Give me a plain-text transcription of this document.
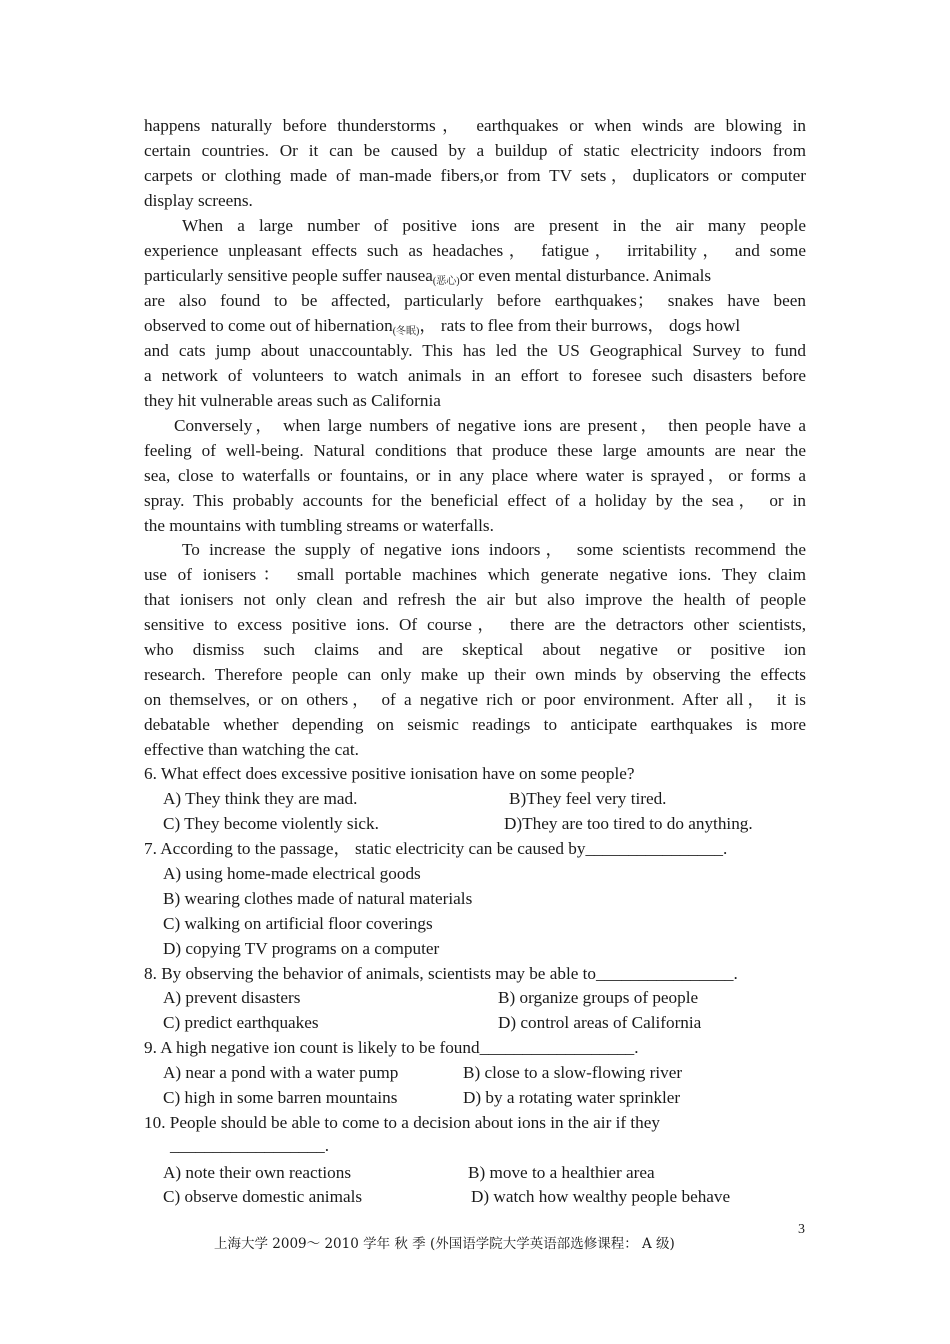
happens naturally before thunderstorms， earthquakes or when winds are blowing in
certain countries. Or it can be caused by a buildup of static electricity indoors from
carpets or clothing made of man-made fibers,or from TV sets，duplicators or computer
display screens.
When a large number of positive ions are present in the air many people
experience unpleasant effects such as headaches， fatigue， irritability， and some
particularly sensitive people suffer nausea(恶心)or even mental disturbance. Animals
are also found to be affected, particularly before earthquakes； snakes have been
observed to come out of hibernation(冬眠)， rats to flee from their burrows， dogs howl
and cats jump about unaccountably. This has led the US Geographical Survey to fund
a network of volunteers to watch animals in an effort to foresee such disasters before
they hit vulnerable areas such as California
Conversely， when large numbers of negative ions are present， then people have a
feeling of well-being. Natural conditions that produce these large amounts are near the
sea, close to waterfalls or fountains, or in any place where water is sprayed，or forms a
spray. This probably accounts for the beneficial effect of a holiday by the sea， or in
the mountains with tumbling streams or waterfalls.
To increase the supply of negative ions indoors， some scientists recommend the
use of ionisers： small portable machines which generate negative ions. They claim
that ionisers not only clean and refresh the air but also improve the health of people
sensitive to excess positive ions. Of course， there are the detractors other scientists,
who dismiss such claims and are skeptical about negative or positive ion
research. Therefore people can only make up their own minds by observing the effects
on themselves, or on others， of a negative rich or poor environment. After all， it is
debatable whether depending on seismic readings to anticipate earthquakes is more
effective than watching the cat.
6. What effect does excessive positive ionisation have on some people?
A) They think they are mad.	B)They feel very tired.
C) They become violently sick.	D)They are too tired to do anything.
7. According to the passage， static electricity can be caused by________________.
A) using home-made electrical goods
B) wearing clothes made of natural materials
C) walking on artificial floor coverings
D) copying TV programs on a computer
8. By observing the behavior of animals, scientists may be able to________________.
A) prevent disasters	B) organize groups of people
C) predict earthquakes	D) control areas of California
9. A high negative ion count is likely to be found__________________.
A) near a pond with a water pump	B) close to a slow-flowing river
C) high in some barren mountains	D) by a rotating water sprinkler
10. People should be able to come to a decision about ions in the air if they
__________________.
A) note their own reactions	B) move to a healthier area
C) observe domestic animals	D) watch how wealthy people behave
3
上海大学 2009～ 2010 学年 秋 季 (外国语学院大学英语部选修课程： A 级)
